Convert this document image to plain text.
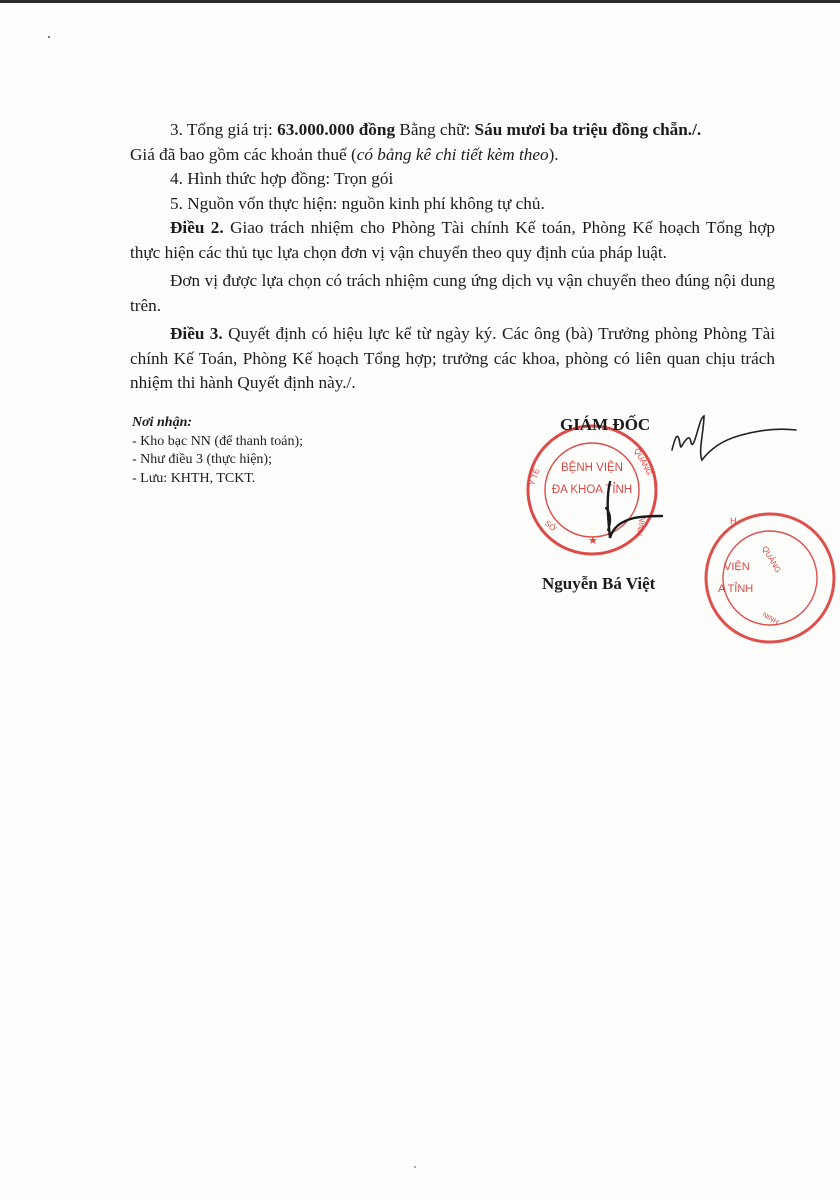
3. Tổng giá trị: 63.000.000 đồng Bằng chữ: Sáu mươi ba triệu đồng chẵn./.

Giá đã bao gồm các khoản thuế (có bảng kê chi tiết kèm theo).

4. Hình thức hợp đồng: Trọn gói

5. Nguồn vốn thực hiện: nguồn kinh phí không tự chủ.

Điều 2. Giao trách nhiệm cho Phòng Tài chính Kế toán, Phòng Kế hoạch Tổng hợp thực hiện các thủ tục lựa chọn đơn vị vận chuyển theo quy định của pháp luật.

Đơn vị được lựa chọn có trách nhiệm cung ứng dịch vụ vận chuyển theo đúng nội dung trên.

Điều 3. Quyết định có hiệu lực kể từ ngày ký. Các ông (bà) Trưởng phòng Phòng Tài chính Kế Toán, Phòng Kế hoạch Tổng hợp; trưởng các khoa, phòng có liên quan chịu trách nhiệm thi hành Quyết định này./.

Nơi nhận:
- Kho bạc NN (để thanh toán);
- Như điều 3 (thực hiện);
- Lưu: KHTH, TCKT.
BỆNH VIỆN
ĐA KHOA TỈNH
Y TẾ
QUẢNG
NINH
SỞ
★
H
VIỆN
A TỈNH
QUẢNG
NINH
GIÁM ĐỐC
Nguyễn Bá Việt
